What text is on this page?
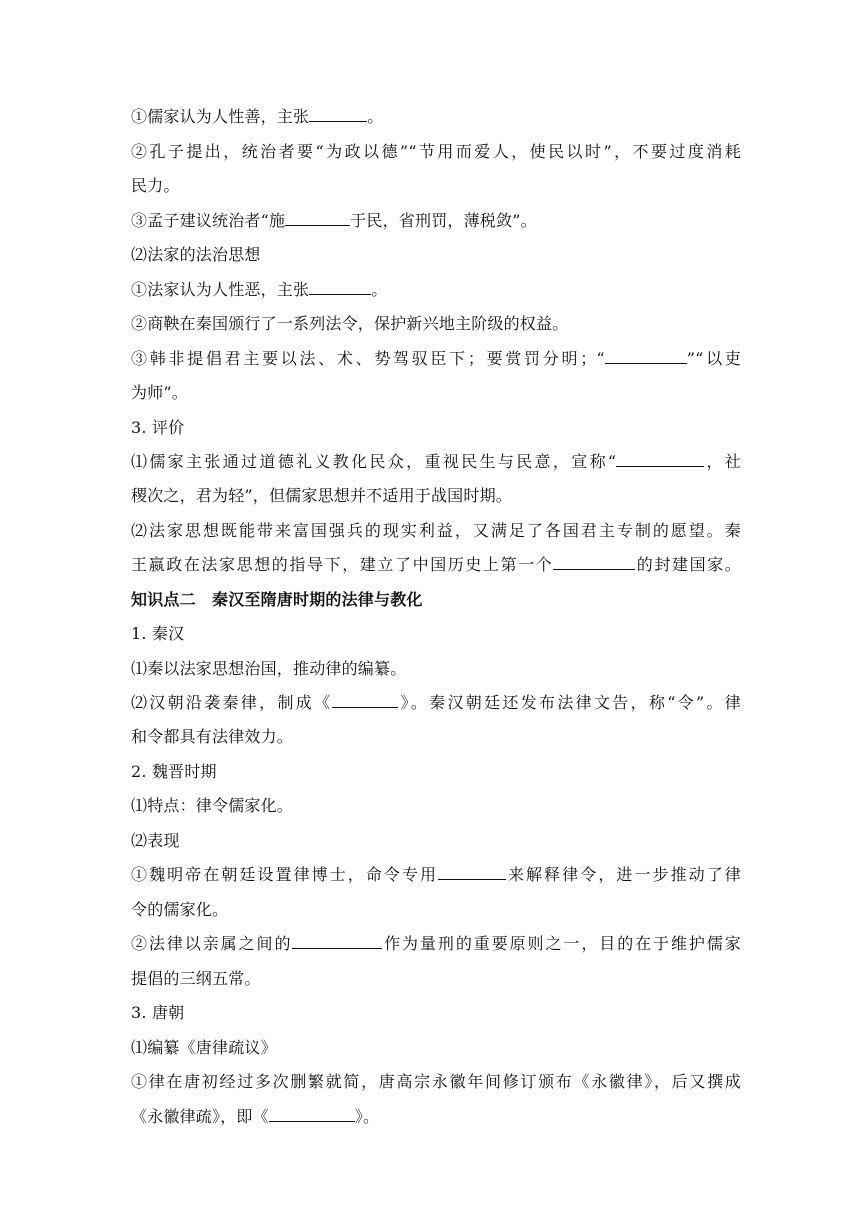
①儒家认为人性善，主张	。
②孔子提出，统治者要“为政以德”“节用而爱人，使民以时”，不要过度消耗
民力。
③孟子建议统治者“施	于民，省刑罚，薄税敛”。
⑵法家的法治思想
①法家认为人性恶，主张	。
②商鞅在秦国颁行了一系列法令，保护新兴地主阶级的权益。
③韩非提倡君主要以法、术、势驾驭臣下；要赏罚分明；“	”“以吏
为师”。
3. 评价
⑴儒家主张通过道德礼义教化民众，重视民生与民意，宣称“	，社
稷次之，君为轻”，但儒家思想并不适用于战国时期。
⑵法家思想既能带来富国强兵的现实利益，又满足了各国君主专制的愿望。秦
王嬴政在法家思想的指导下，建立了中国历史上第一个	的封建国家。
知识点二　秦汉至隋唐时期的法律与教化
1. 秦汉
⑴秦以法家思想治国，推动律的编纂。
⑵汉朝沿袭秦律，制成《	》。秦汉朝廷还发布法律文告，称“令”。律
和令都具有法律效力。
2. 魏晋时期
⑴特点：律令儒家化。
⑵表现
①魏明帝在朝廷设置律博士，命令专用	来解释律令，进一步推动了律
令的儒家化。
②法律以亲属之间的	作为量刑的重要原则之一，目的在于维护儒家
提倡的三纲五常。
3. 唐朝
⑴编纂《唐律疏议》
①律在唐初经过多次删繁就简，唐高宗永徽年间修订颁布《永徽律》，后又撰成
《永徽律疏》，即《	》。
